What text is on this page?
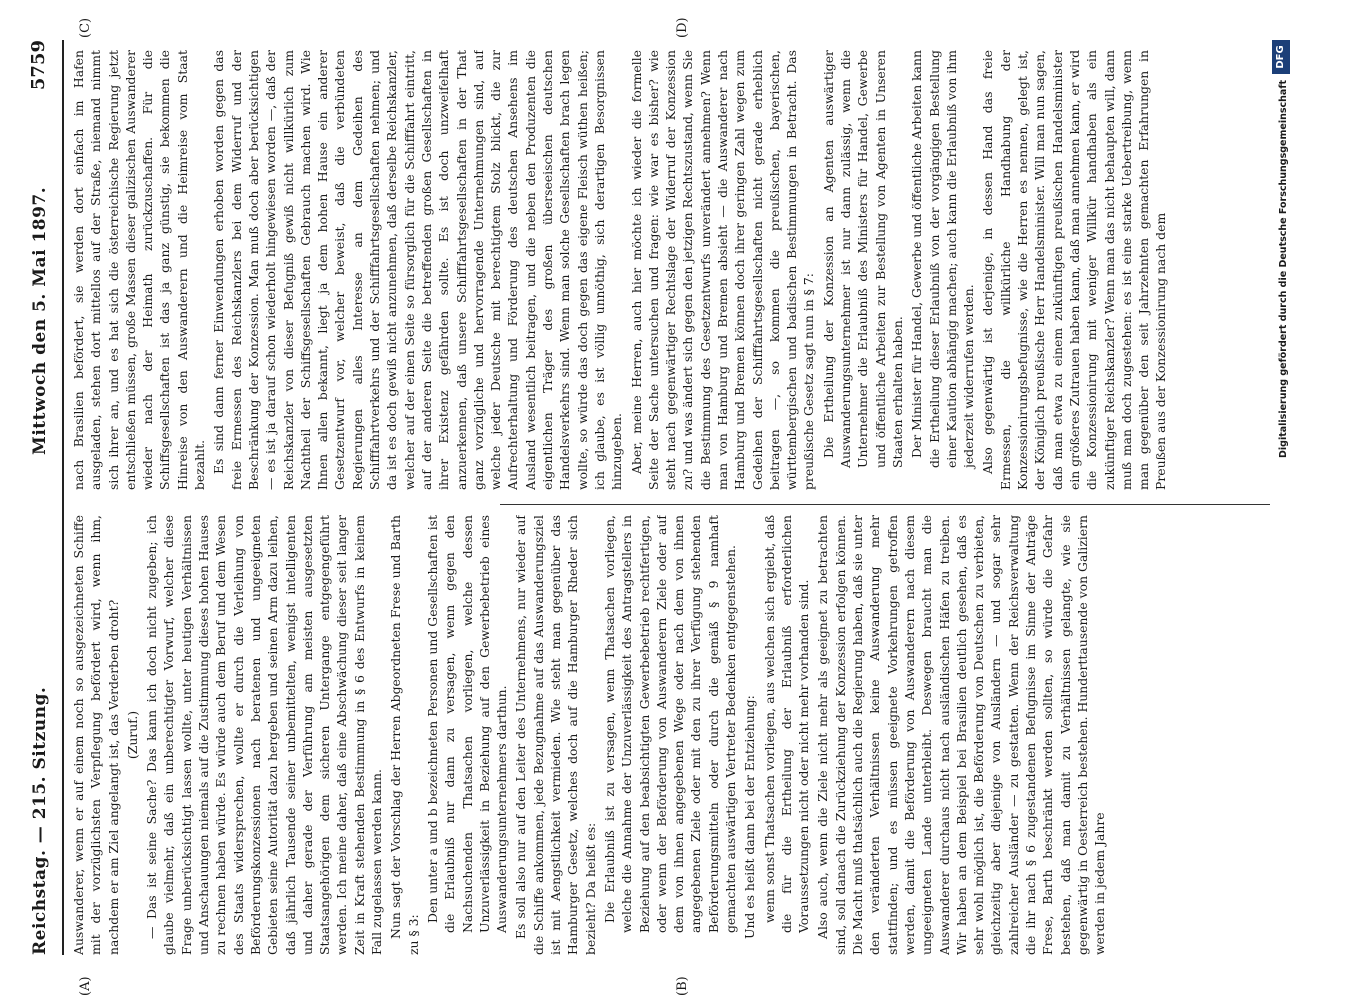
Reichstag. — 215. Sitzung.
Mittwoch den 5. Mai 1897.
5759
(A)	(B)
(C)	(D)

Auswanderer, wenn er auf einem noch so ausgezeichneten Schiffe mit der vorzüglichsten Verpflegung befördert wird, wenn ihm, nachdem er am Ziel angelangt ist, das Verderben droht? (Zuruf.) — Das ist seine Sache? Das kann ich doch nicht zugeben; ich glaube vielmehr, daß ein unberechtigter Vorwurf, welcher diese Frage unberücksichtigt lassen wollte, unter heutigen Verhältnissen und Anschauungen niemals auf die Zustimmung dieses hohen Hauses zu rechnen haben würde. Es würde auch dem Beruf und dem Wesen des Staats widersprechen, wollte er durch die Verleihung von Beförderungskonzessionen nach beratenen und ungeeigneten Gebieten seine Autorität dazu hergeben und seinen Arm dazu leihen, daß jährlich Tausende seiner unbemittelten, wenigst intelligenten und daher gerade der Verführung am meisten ausgesetzten Staatsangehörigen dem sicheren Untergange entgegengeführt werden. Ich meine daher, daß eine Abschwächung dieser seit langer Zeit in Kraft stehenden Bestimmung in § 6 des Entwurfs in keinem Fall zugelassen werden kann. Nun sagt der Vorschlag der Herren Abgeordneten Frese und Barth zu § 3:

Den unter a und b bezeichneten Personen und Gesellschaften ist die Erlaubniß nur dann zu versagen, wenn gegen den Nachsuchenden Thatsachen vorliegen, welche dessen Unzuverlässigkeit in Beziehung auf den Gewerbebetrieb eines Auswanderungsunternehmers darthun. Es soll also nur auf den Leiter des Unternehmens, nur wieder auf die Schiffe ankommen, jede Bezugnahme auf das Auswanderungsziel ist mit Aengstlichkeit vermieden. Wie steht man gegenüber das Hamburger Gesetz, welches doch auf die Hamburger Rheder sich bezieht? Da heißt es: Die Erlaubniß ist zu versagen, wenn Thatsachen vorliegen, welche die Annahme der Unzuverlässigkeit des Antragstellers in Beziehung auf den beabsichtigten Gewerbebetrieb rechtfertigen, oder wenn der Beförderung von Auswanderern Ziele oder auf dem von ihnen angegebenen Wege oder nach dem von ihnen angegebenen Ziele oder mit den zu ihrer Verfügung stehenden Beförderungsmitteln oder durch die gemäß § 9 namhaft gemachten auswärtigen Vertreter Bedenken entgegenstehen. Und es heißt dann bei der Entziehung: wenn sonst Thatsachen vorliegen, aus welchen sich ergiebt, daß die für die Ertheilung der Erlaubniß erforderlichen Voraussetzungen nicht oder nicht mehr vorhanden sind. Also auch, wenn die Ziele nicht mehr als geeignet zu betrachten sind, soll danach die Zurückziehung der Konzession erfolgen können. Die Macht muß thatsächlich auch die Regierung haben, daß sie unter den veränderten Verhältnissen keine Auswanderung mehr stattfinden; und es müssen geeignete Vorkehrungen getroffen werden, damit die Beförderung von Auswanderern nach diesem ungeeigneten Lande unterbleibt. Deswegen braucht man die Auswanderer durchaus nicht nach ausländischen Häfen zu treiben. Wir haben an dem Beispiel bei Brasilien deutlich gesehen, daß es sehr wohl möglich ist, die Beförderung von Deutschen zu verbieten, gleichzeitig aber diejenige von Ausländern — und sogar sehr zahlreicher Ausländer — zu gestatten. Wenn der Reichsverwaltung die ihr nach § 6 zugestandenen Befugnisse im Sinne der Anträge Frese, Barth beschränkt werden sollten, so würde die Gefahr bestehen, daß man damit zu Verhältnissen gelangte, wie sie gegenwärtig in Oesterreich bestehen. Hunderttausende von Galiziern werden in jedem Jahre

nach Brasilien befördert, sie werden dort einfach im Hafen ausgeladen, stehen dort mittellos auf der Straße, niemand nimmt sich ihrer an, und es hat sich die österreichische Regierung jetzt entschließen müssen, große Massen dieser galizischen Auswanderer wieder nach der Heimath zurückzuschaffen. Für die Schiffsgesellschaften ist das ja ganz günstig, sie bekommen die Hinreise von den Auswanderern und die Heimreise vom Staat bezahlt. Es sind dann ferner Einwendungen erhoben worden gegen das freie Ermessen des Reichskanzlers bei dem Widerruf und der Beschränkung der Konzession. Man muß doch aber berücksichtigen — es ist ja darauf schon wiederholt hingewiesen worden —, daß der Reichskanzler von dieser Befugniß gewiß nicht willkürlich zum Nachtheil der Schiffsgesellschaften Gebrauch machen wird. Wie Ihnen allen bekannt, liegt ja dem hohen Hause ein anderer Gesetzentwurf vor, welcher beweist, daß die verbündeten Regierungen alles Interesse an dem Gedeihen des Schifffahrtverkehrs und der Schifffahrtsgesellschaften nehmen; und da ist es doch gewiß nicht anzunehmen, daß derselbe Reichskanzler, welcher auf der einen Seite so fürsorglich für die Schifffahrt eintritt, auf der anderen Seite die betreffenden großen Gesellschaften in ihrer Existenz gefährden sollte. Es ist doch unzweifelhaft anzuerkennen, daß unsere Schifffahrtsgesellschaften in der That ganz vorzügliche und hervorragende Unternehmungen sind, auf welche jeder Deutsche mit berechtigtem Stolz blickt, die zur Aufrechterhaltung und Förderung des deutschen Ansehens im Ausland wesentlich beitragen, und die neben den Produzenten die eigentlichen Träger des großen überseeischen deutschen Handelsverkehrs sind. Wenn man solche Gesellschaften brach legen wollte, so würde das doch gegen das eigene Fleisch wüthen heißen; ich glaube, es ist völlig unnöthig, sich derartigen Besorgnissen hinzugeben. Aber, meine Herren, auch hier möchte ich wieder die formelle Seite der Sache untersuchen und fragen: wie war es bisher? wie steht nach gegenwärtiger Rechtslage der Widerruf der Konzession zu? und was ändert sich gegen den jetzigen Rechtszustand, wenn Sie die Bestimmung des Gesetzentwurfs unverändert annehmen? Wenn man von Hamburg und Bremen absieht — die Auswanderer nach Hamburg und Bremen können doch ihrer geringen Zahl wegen zum Gedeihen der Schifffahrtsgesellschaften nicht gerade erheblich beitragen —, so kommen die preußischen, bayerischen, württembergischen und badischen Bestimmungen in Betracht. Das preußische Gesetz sagt nun in § 7: Die Ertheilung der Konzession an Agenten auswärtiger Auswanderungsunternehmer ist nur dann zulässig, wenn die Unternehmer die Erlaubniß des Ministers für Handel, Gewerbe und öffentliche Arbeiten zur Bestellung von Agenten in Unseren Staaten erhalten haben. Der Minister für Handel, Gewerbe und öffentliche Arbeiten kann die Ertheilung dieser Erlaubniß von der vorgängigen Bestellung einer Kaution abhängig machen; auch kann die Erlaubniß von ihm jederzeit widerrufen werden. Also gegenwärtig ist derjenige, in dessen Hand das freie Ermessen, die willkürliche Handhabung der Konzessionirungsbefugnisse, wie die Herren es nennen, gelegt ist, der Königlich preußische Herr Handelsminister. Will man nun sagen, daß man etwa zu einem zukünftigen preußischen Handelsminister ein größeres Zutrauen haben kann, daß man annehmen kann, er wird die Konzessionirung mit weniger Willkür handhaben als ein zukünftiger Reichskanzler? Wenn man das nicht behaupten will, dann muß man doch zugestehen: es ist eine starke Uebertreibung, wenn man gegenüber den seit Jahrzehnten gemachten Erfahrungen in Preußen aus der Konzessionirung nach dem	Digitalisierung gefördert durch die Deutsche Forschungsgemeinschaft
DFG
